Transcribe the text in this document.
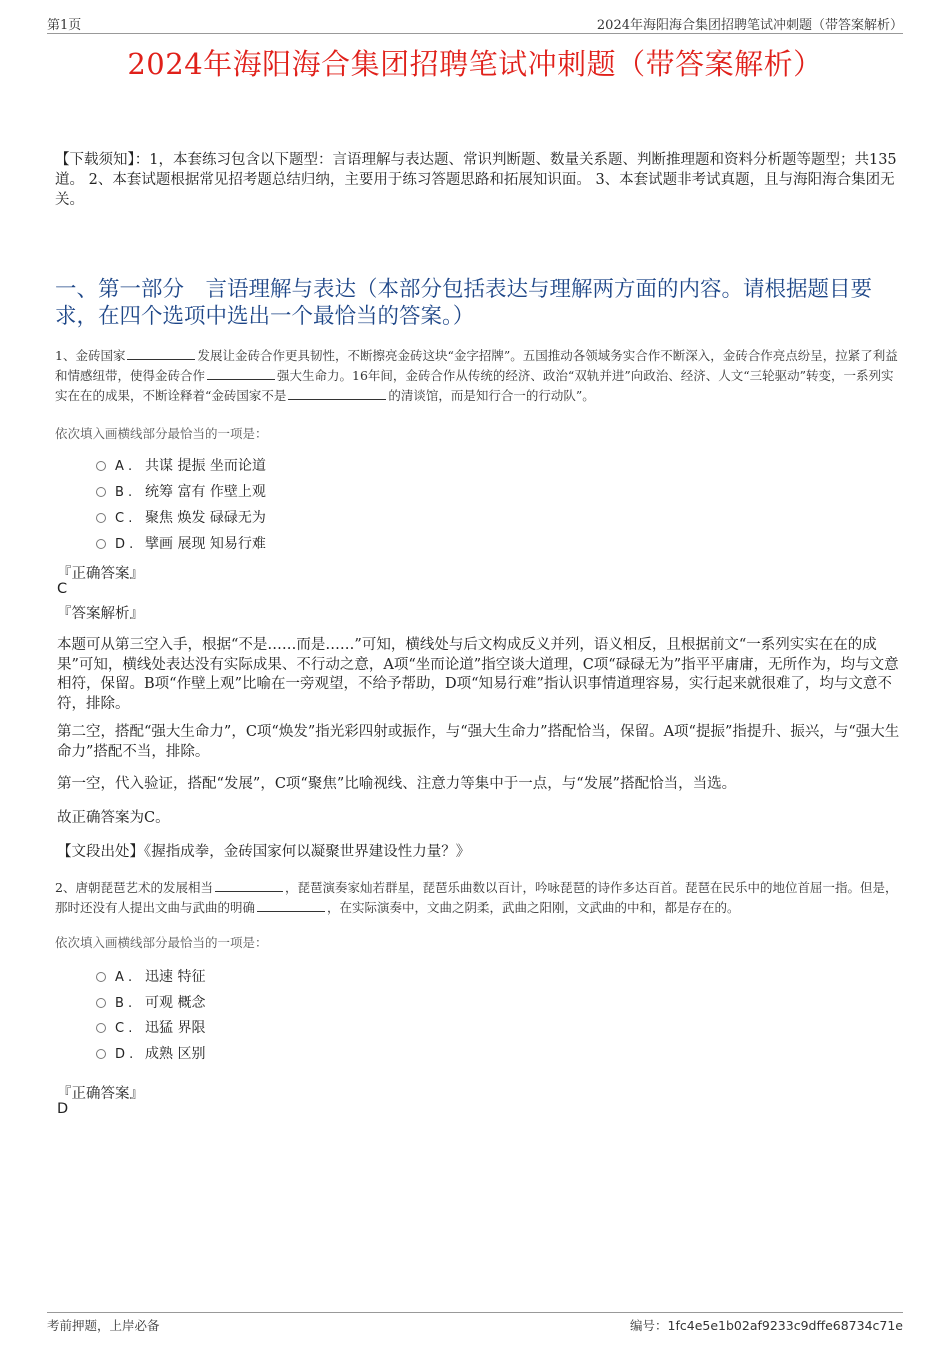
第1页	2024年海阳海合集团招聘笔试冲刺题（带答案解析）
2024年海阳海合集团招聘笔试冲刺题（带答案解析）
【下载须知】：1，本套练习包含以下题型：言语理解与表达题、常识判断题、数量关系题、判断推理题和资料分析题等题型；共135道。 2、本套试题根据常见招考题总结归纳，主要用于练习答题思路和拓展知识面。 3、本套试题非考试真题，且与海阳海合集团无关。
一、第一部分　言语理解与表达（本部分包括表达与理解两方面的内容。请根据题目要求，在四个选项中选出一个最恰当的答案。）
1、金砖国家	发展让金砖合作更具韧性，不断擦亮金砖这块“金字招牌”。五国推动各领域务实合作不断深入，金砖合作亮点纷呈，拉紧了利益和情感纽带，使得金砖合作	强大生命力。16年间，金砖合作从传统的经济、政治“双轨并进”向政治、经济、人文“三轮驱动”转变，一系列实实在在的成果，不断诠释着“金砖国家不是	的清谈馆，而是知行合一的行动队”。
依次填入画横线部分最恰当的一项是：
A . 共谋 提振 坐而论道
B . 统筹 富有 作壁上观
C . 聚焦 焕发 碌碌无为
D . 擘画 展现 知易行难
『正确答案』
C
『答案解析』
本题可从第三空入手，根据“不是……而是……”可知，横线处与后文构成反义并列，语义相反，且根据前文“一系列实实在在的成果”可知，横线处表达没有实际成果、不行动之意，A项“坐而论道”指空谈大道理，C项“碌碌无为”指平平庸庸，无所作为，均与文意相符，保留。B项“作壁上观”比喻在一旁观望，不给予帮助，D项“知易行难”指认识事情道理容易，实行起来就很难了，均与文意不符，排除。
第二空，搭配“强大生命力”，C项“焕发”指光彩四射或振作，与“强大生命力”搭配恰当，保留。A项“提振”指提升、振兴，与“强大生命力”搭配不当，排除。
第一空，代入验证，搭配“发展”，C项“聚焦”比喻视线、注意力等集中于一点，与“发展”搭配恰当，当选。
故正确答案为C。
【文段出处】《握指成拳，金砖国家何以凝聚世界建设性力量？》
2、唐朝琵琶艺术的发展相当	，琵琶演奏家灿若群星，琵琶乐曲数以百计，吟咏琵琶的诗作多达百首。琵琶在民乐中的地位首屈一指。但是，那时还没有人提出文曲与武曲的明确	，在实际演奏中，文曲之阴柔，武曲之阳刚，文武曲的中和，都是存在的。
依次填入画横线部分最恰当的一项是：
A . 迅速 特征
B . 可观 概念
C . 迅猛 界限
D . 成熟 区别
『正确答案』
D
考前押题，上岸必备	编号：1fc4e5e1b02af9233c9dffe68734c71e
